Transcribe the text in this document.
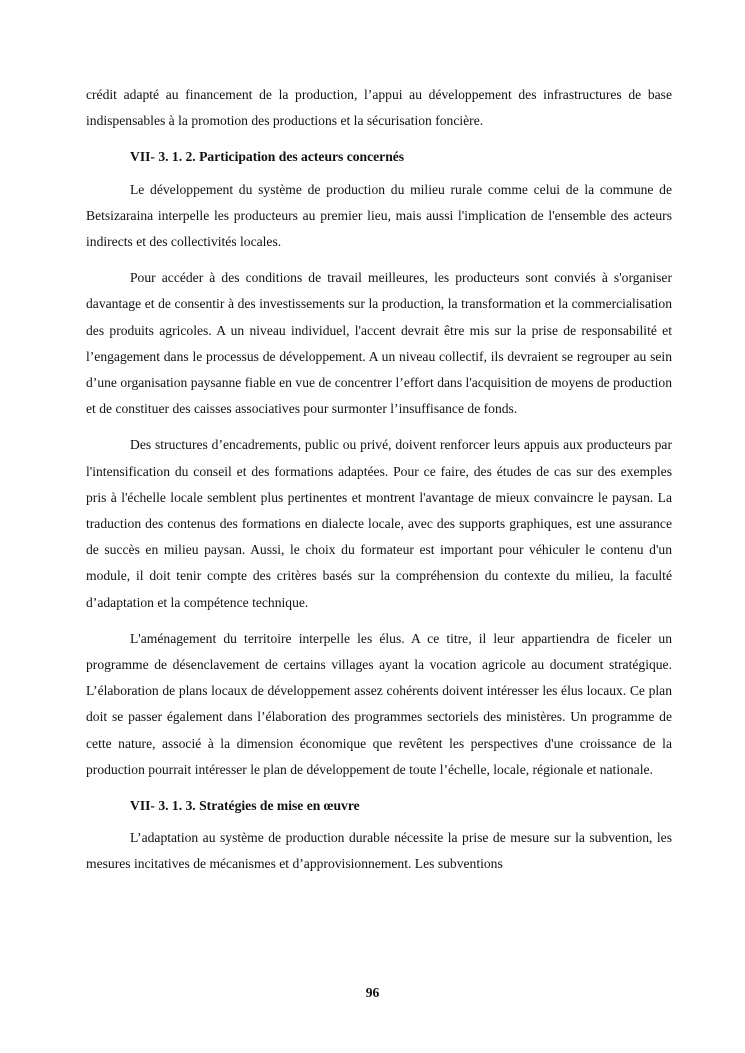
crédit adapté au financement de la production, l’appui au développement des infrastructures de base indispensables à la promotion des productions et la sécurisation foncière.

VII- 3. 1. 2. Participation des acteurs concernés

Le développement du système de production du milieu rurale comme celui de la commune de Betsizaraina interpelle les producteurs au premier lieu, mais aussi l'implication de l'ensemble des acteurs indirects et des collectivités locales.

Pour accéder à des conditions de travail meilleures, les producteurs sont conviés à s'organiser davantage et de consentir à des investissements sur la production, la transformation et la commercialisation des produits agricoles. A un niveau individuel, l'accent devrait être mis sur la prise de responsabilité et l’engagement dans le processus de développement. A un niveau collectif, ils devraient se regrouper au sein d’une organisation paysanne fiable en vue de concentrer l’effort dans l'acquisition de moyens de production et de constituer des caisses associatives pour surmonter l’insuffisance de fonds.

Des structures d’encadrements, public ou privé, doivent renforcer leurs appuis aux producteurs par l'intensification du conseil et des formations adaptées. Pour ce faire, des études de cas sur des exemples pris à l'échelle locale semblent plus pertinentes et montrent l'avantage de mieux convaincre le paysan. La traduction des contenus des formations en dialecte locale, avec des supports graphiques, est une assurance de succès en milieu paysan. Aussi, le choix du formateur est important pour véhiculer le contenu d'un module, il doit tenir compte des critères basés sur la compréhension du contexte du milieu, la faculté d’adaptation et la compétence technique.

L'aménagement du territoire interpelle les élus. A ce titre, il leur appartiendra de ficeler un programme de désenclavement de certains villages ayant la vocation agricole au document stratégique. L’élaboration de plans locaux de développement assez cohérents doivent intéresser les élus locaux. Ce plan doit se passer également dans l’élaboration des programmes sectoriels des ministères. Un programme de cette nature, associé à la dimension économique que revêtent les perspectives d'une croissance de la production pourrait intéresser le plan de développement de toute l’échelle, locale, régionale et nationale.

VII- 3. 1. 3. Stratégies de mise en œuvre

L’adaptation au système de production durable nécessite la prise de mesure sur la subvention, les mesures incitatives de mécanismes et d’approvisionnement. Les subventions

96
